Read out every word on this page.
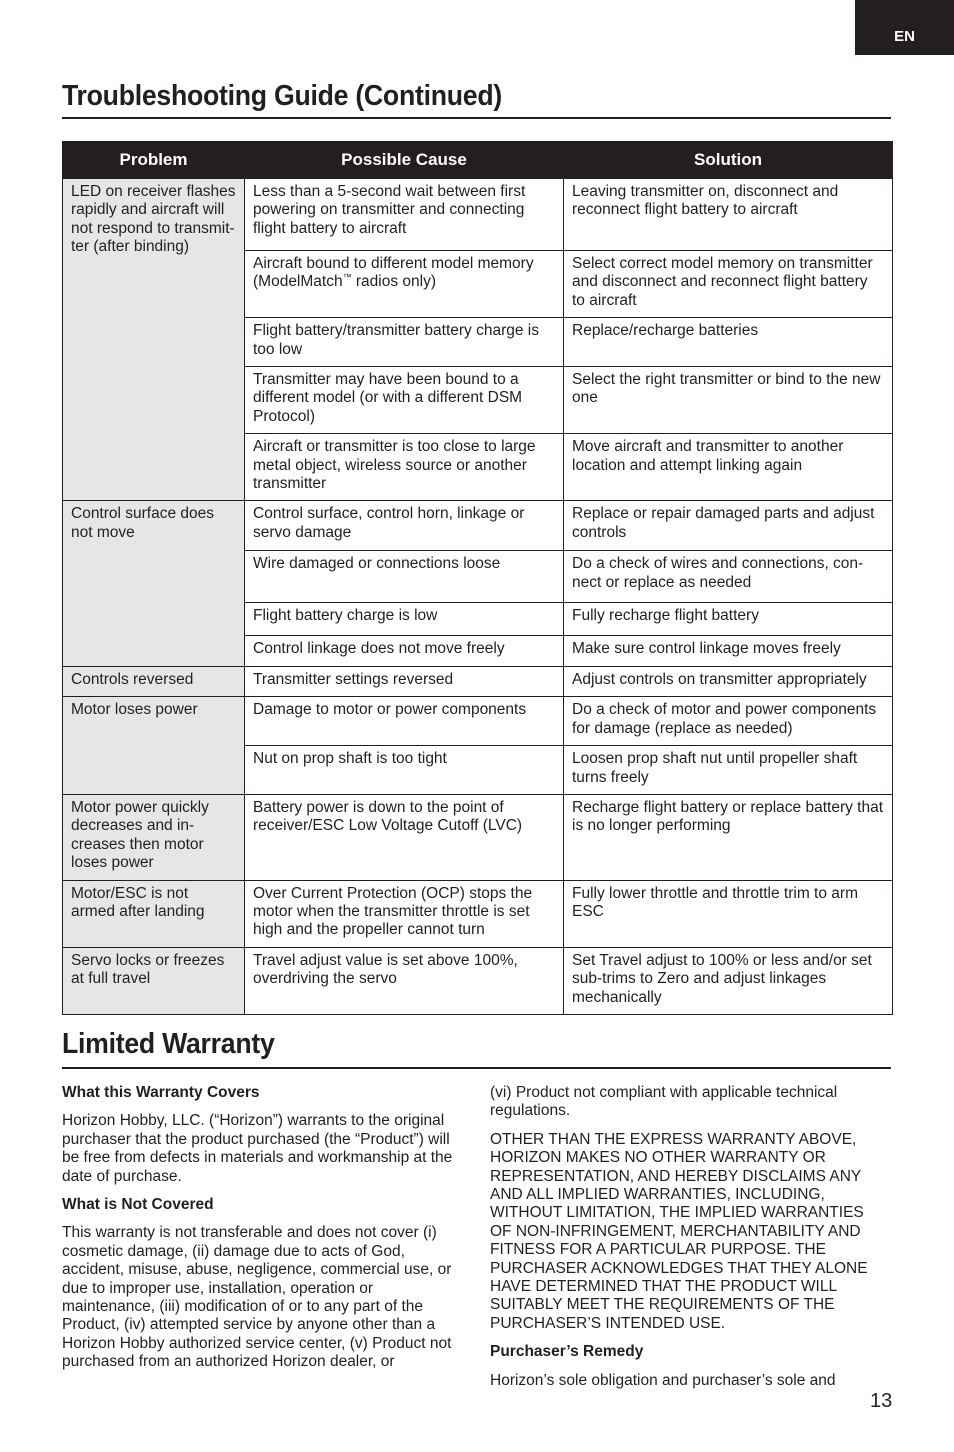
EN
Troubleshooting Guide (Continued)
Problem	Possible Cause	Solution
LED on receiver flashes rapidly and aircraft will not respond to transmit-ter (after binding)	Less than a 5-second wait between first powering on transmitter and connecting flight battery to aircraft	Leaving transmitter on, disconnect and reconnect flight battery to aircraft
	Aircraft bound to different model memory (ModelMatch™ radios only)	Select correct model memory on transmitter and disconnect and reconnect flight battery to aircraft
	Flight battery/transmitter battery charge is too low	Replace/recharge batteries
	Transmitter may have been bound to a different model (or with a different DSM Protocol)	Select the right transmitter or bind to the new one
	Aircraft or transmitter is too close to large metal object, wireless source or another transmitter	Move aircraft and transmitter to another location and attempt linking again
Control surface does not move	Control surface, control horn, linkage or servo damage	Replace or repair damaged parts and adjust controls
	Wire damaged or connections loose	Do a check of wires and connections, con-nect or replace as needed
	Flight battery charge is low	Fully recharge flight battery
	Control linkage does not move freely	Make sure control linkage moves freely
Controls reversed	Transmitter settings reversed	Adjust controls on transmitter appropriately
Motor loses power	Damage to motor or power components	Do a check of motor and power components for damage (replace as needed)
	Nut on prop shaft is too tight	Loosen prop shaft nut until propeller shaft turns freely
Motor power quickly decreases and in-creases then motor loses power	Battery power is down to the point of receiver/ESC Low Voltage Cutoff (LVC)	Recharge flight battery or replace battery that is no longer performing
Motor/ESC is not armed after landing	Over Current Protection (OCP) stops the motor when the transmitter throttle is set high and the propeller cannot turn	Fully lower throttle and throttle trim to arm ESC
Servo locks or freezes at full travel	Travel adjust value is set above 100%, overdriving the servo	Set Travel adjust to 100% or less and/or set sub-trims to Zero and adjust linkages mechanically
Limited Warranty

What this Warranty Covers

Horizon Hobby, LLC. (“Horizon”) warrants to the original purchaser that the product purchased (the “Product”) will be free from defects in materials and workmanship at the date of purchase.

What is Not Covered

This warranty is not transferable and does not cover (i) cosmetic damage, (ii) damage due to acts of God, accident, misuse, abuse, negligence, commercial use, or due to improper use, installation, operation or maintenance, (iii) modification of or to any part of the Product, (iv) attempted service by anyone other than a Horizon Hobby authorized service center, (v) Product not purchased from an authorized Horizon dealer, or

(vi) Product not compliant with applicable technical regulations.

OTHER THAN THE EXPRESS WARRANTY ABOVE, HORIZON MAKES NO OTHER WARRANTY OR REPRESENTATION, AND HEREBY DISCLAIMS ANY AND ALL IMPLIED WARRANTIES, INCLUDING, WITHOUT LIMITATION, THE IMPLIED WARRANTIES OF NON-INFRINGEMENT, MERCHANTABILITY AND FITNESS FOR A PARTICULAR PURPOSE. THE PURCHASER ACKNOWLEDGES THAT THEY ALONE HAVE DETERMINED THAT THE PRODUCT WILL SUITABLY MEET THE REQUIREMENTS OF THE PURCHASER’S INTENDED USE.

Purchaser’s Remedy

Horizon’s sole obligation and purchaser’s sole and

13
